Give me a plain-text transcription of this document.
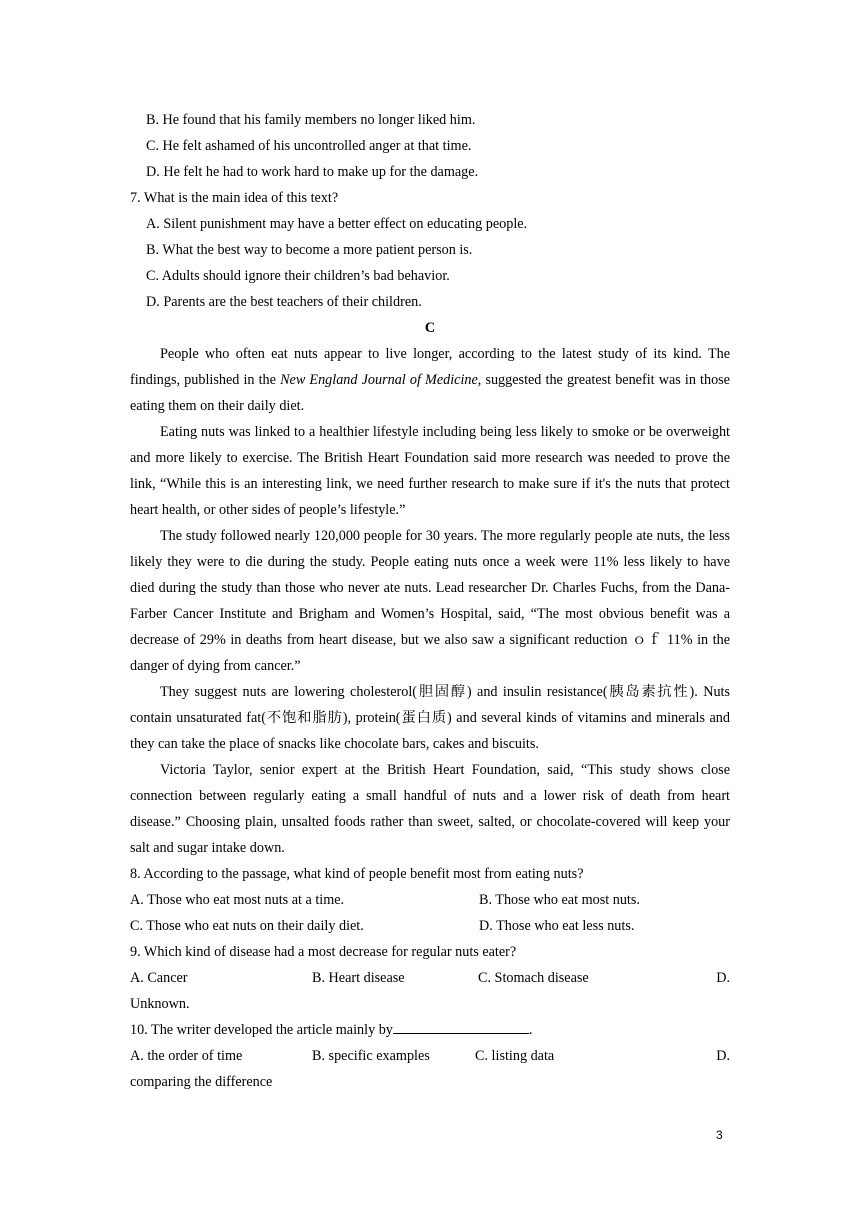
B. He found that his family members no longer liked him.
C. He felt ashamed of his uncontrolled anger at that time.
D. He felt he had to work hard to make up for the damage.
7. What is the main idea of this text?
A. Silent punishment may have a better effect on educating people.
B. What the best way to become a more patient person is.
C. Adults should ignore their children’s bad behavior.
D. Parents are the best teachers of their children.
C

People who often eat nuts appear to live longer, according to the latest study of its kind. The findings, published in the New England Journal of Medicine, suggested the greatest benefit was in those eating them on their daily diet.

Eating nuts was linked to a healthier lifestyle including being less likely to smoke or be overweight and more likely to exercise. The British Heart Foundation said more research was needed to prove the link, “While this is an interesting link, we need further research to make sure if it's the nuts that protect heart health, or other sides of people’s lifestyle.”

The study followed nearly 120,000 people for 30 years. The more regularly people ate nuts, the less likely they were to die during the study. People eating nuts once a week were 11% less likely to have died during the study than those who never ate nuts. Lead researcher Dr. Charles Fuchs, from the Dana-Farber Cancer Institute and Brigham and Women’s Hospital, said, “The most obvious benefit was a decrease of 29% in deaths from heart disease, but we also saw a significant reduction ｏｆ 11% in the danger of dying from cancer.”

They suggest nuts are lowering cholesterol(胆固醇) and insulin resistance(胰岛素抗性). Nuts contain unsaturated fat(不饱和脂肪), protein(蛋白质) and several kinds of vitamins and minerals and they can take the place of snacks like chocolate bars, cakes and biscuits.

Victoria Taylor, senior expert at the British Heart Foundation, said, “This study shows close connection between regularly eating a small handful of nuts and a lower risk of death from heart disease.” Choosing plain, unsalted foods rather than sweet, salted, or chocolate-covered will keep your salt and sugar intake down.

8. According to the passage, what kind of people benefit most from eating nuts?
A. Those who eat most nuts at a time.	B. Those who eat most nuts.
C. Those who eat nuts on their daily diet.	D. Those who eat less nuts.
9. Which kind of disease had a most decrease for regular nuts eater?
A. Cancer	B. Heart disease	C. Stomach disease	D.
Unknown.
10. The writer developed the article mainly by	.
A. the order of time	B. specific examples	C. listing data	D.
comparing the difference
3
